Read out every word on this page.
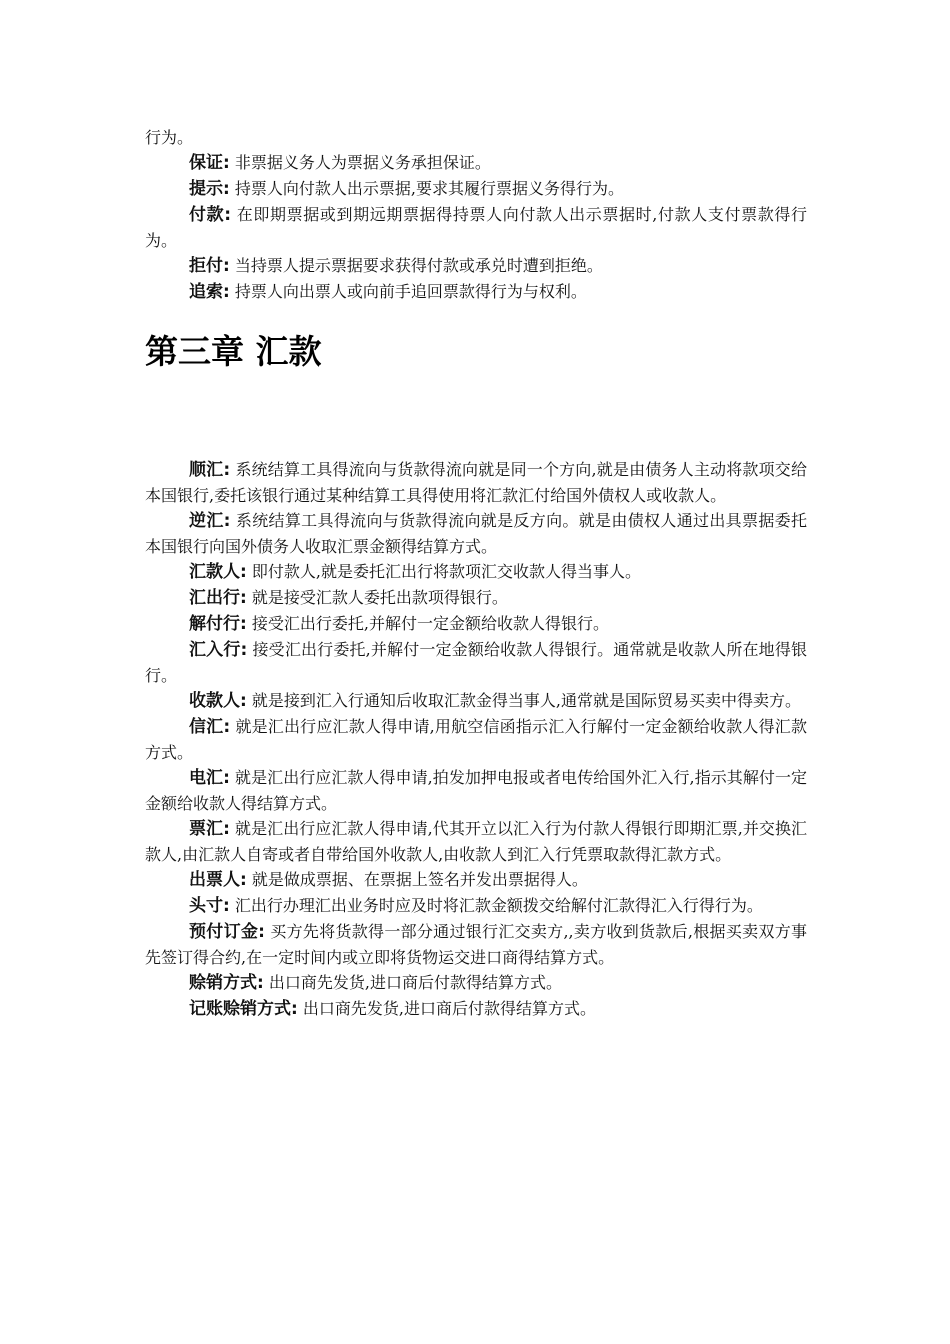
行为。

保证: 非票据义务人为票据义务承担保证。

提示: 持票人向付款人出示票据,要求其履行票据义务得行为。

付款: 在即期票据或到期远期票据得持票人向付款人出示票据时,付款人支付票款得行为。

拒付: 当持票人提示票据要求获得付款或承兑时遭到拒绝。

追索: 持票人向出票人或向前手追回票款得行为与权利。

第三章 汇款

顺汇: 系统结算工具得流向与货款得流向就是同一个方向,就是由债务人主动将款项交给本国银行,委托该银行通过某种结算工具得使用将汇款汇付给国外债权人或收款人。

逆汇: 系统结算工具得流向与货款得流向就是反方向。就是由债权人通过出具票据委托本国银行向国外债务人收取汇票金额得结算方式。

汇款人: 即付款人,就是委托汇出行将款项汇交收款人得当事人。

汇出行: 就是接受汇款人委托出款项得银行。

解付行: 接受汇出行委托,并解付一定金额给收款人得银行。

汇入行: 接受汇出行委托,并解付一定金额给收款人得银行。通常就是收款人所在地得银行。

收款人: 就是接到汇入行通知后收取汇款金得当事人,通常就是国际贸易买卖中得卖方。

信汇: 就是汇出行应汇款人得申请,用航空信函指示汇入行解付一定金额给收款人得汇款方式。

电汇: 就是汇出行应汇款人得申请,拍发加押电报或者电传给国外汇入行,指示其解付一定金额给收款人得结算方式。

票汇: 就是汇出行应汇款人得申请,代其开立以汇入行为付款人得银行即期汇票,并交换汇款人,由汇款人自寄或者自带给国外收款人,由收款人到汇入行凭票取款得汇款方式。

出票人: 就是做成票据、在票据上签名并发出票据得人。

头寸: 汇出行办理汇出业务时应及时将汇款金额拨交给解付汇款得汇入行得行为。

预付订金: 买方先将货款得一部分通过银行汇交卖方,,卖方收到货款后,根据买卖双方事先签订得合约,在一定时间内或立即将货物运交进口商得结算方式。

赊销方式: 出口商先发货,进口商后付款得结算方式。

记账赊销方式: 出口商先发货,进口商后付款得结算方式。
